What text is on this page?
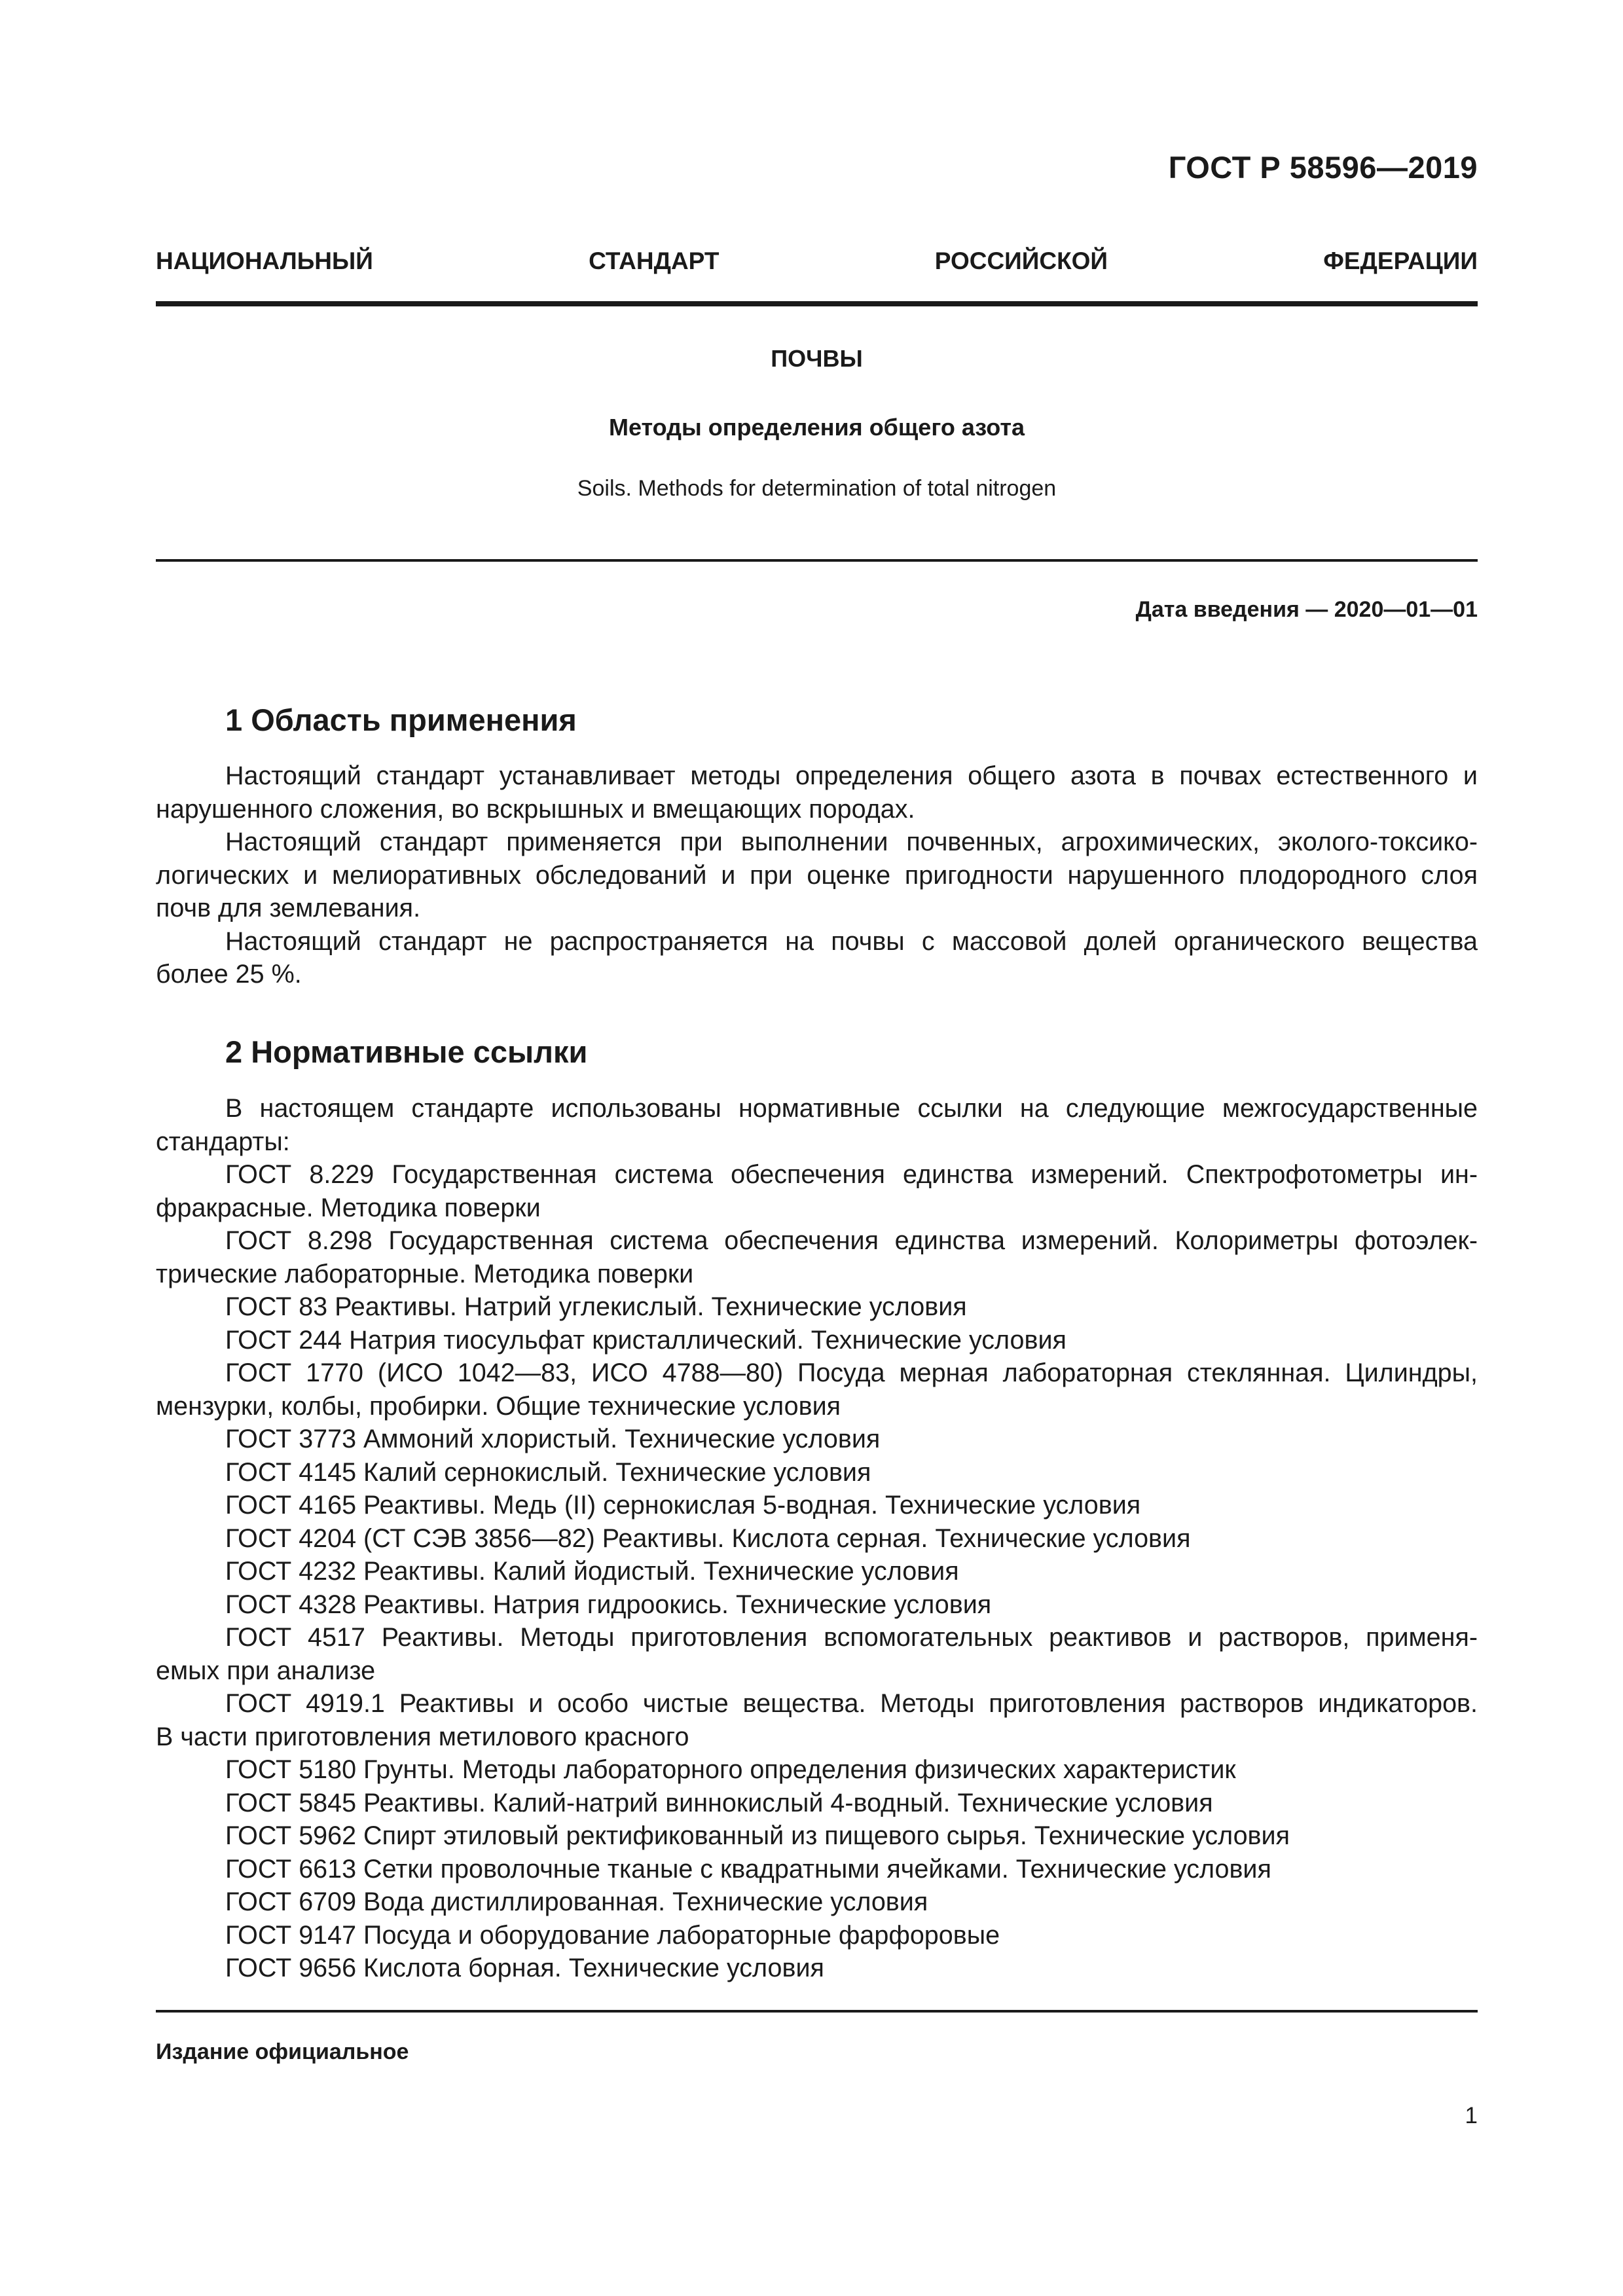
ГОСТ Р 58596—2019
НАЦИОНАЛЬНЫЙ	СТАНДАРТ	РОССИЙСКОЙ	ФЕДЕРАЦИИ
ПОЧВЫ
Методы определения общего азота
Soils. Methods for determination of total nitrogen
Дата введения — 2020—01—01
1 Область применения
Настоящий стандарт устанавливает методы определения общего азота в почвах естественного и
нарушенного сложения, во вскрышных и вмещающих породах.
Настоящий стандарт применяется при выполнении почвенных, агрохимических, эколого-токсико-
логических и мелиоративных обследований и при оценке пригодности нарушенного плодородного слоя
почв для землевания.
Настоящий стандарт не распространяется на почвы с массовой долей органического вещества
более 25 %.
2 Нормативные ссылки
В настоящем стандарте использованы нормативные ссылки на следующие межгосударственные
стандарты:
ГОСТ 8.229 Государственная система обеспечения единства измерений. Спектрофотометры ин-
фракрасные. Методика поверки
ГОСТ 8.298 Государственная система обеспечения единства измерений. Колориметры фотоэлек-
трические лабораторные. Методика поверки
ГОСТ 83 Реактивы. Натрий углекислый. Технические условия
ГОСТ 244 Натрия тиосульфат кристаллический. Технические условия
ГОСТ 1770 (ИСО 1042—83, ИСО 4788—80) Посуда мерная лабораторная стеклянная. Цилиндры,
мензурки, колбы, пробирки. Общие технические условия
ГОСТ 3773 Аммоний хлористый. Технические условия
ГОСТ 4145 Калий сернокислый. Технические условия
ГОСТ 4165 Реактивы. Медь (II) сернокислая 5-водная. Технические условия
ГОСТ 4204 (СТ СЭВ 3856—82) Реактивы. Кислота серная. Технические условия
ГОСТ 4232 Реактивы. Калий йодистый. Технические условия
ГОСТ 4328 Реактивы. Натрия гидроокись. Технические условия
ГОСТ 4517 Реактивы. Методы приготовления вспомогательных реактивов и растворов, применя-
емых при анализе
ГОСТ 4919.1 Реактивы и особо чистые вещества. Методы приготовления растворов индикаторов.
В части приготовления метилового красного
ГОСТ 5180 Грунты. Методы лабораторного определения физических характеристик
ГОСТ 5845 Реактивы. Калий-натрий виннокислый 4-водный. Технические условия
ГОСТ 5962 Спирт этиловый ректификованный из пищевого сырья. Технические условия
ГОСТ 6613 Сетки проволочные тканые с квадратными ячейками. Технические условия
ГОСТ 6709 Вода дистиллированная. Технические условия
ГОСТ 9147 Посуда и оборудование лабораторные фарфоровые
ГОСТ 9656 Кислота борная. Технические условия
Издание официальное
1
